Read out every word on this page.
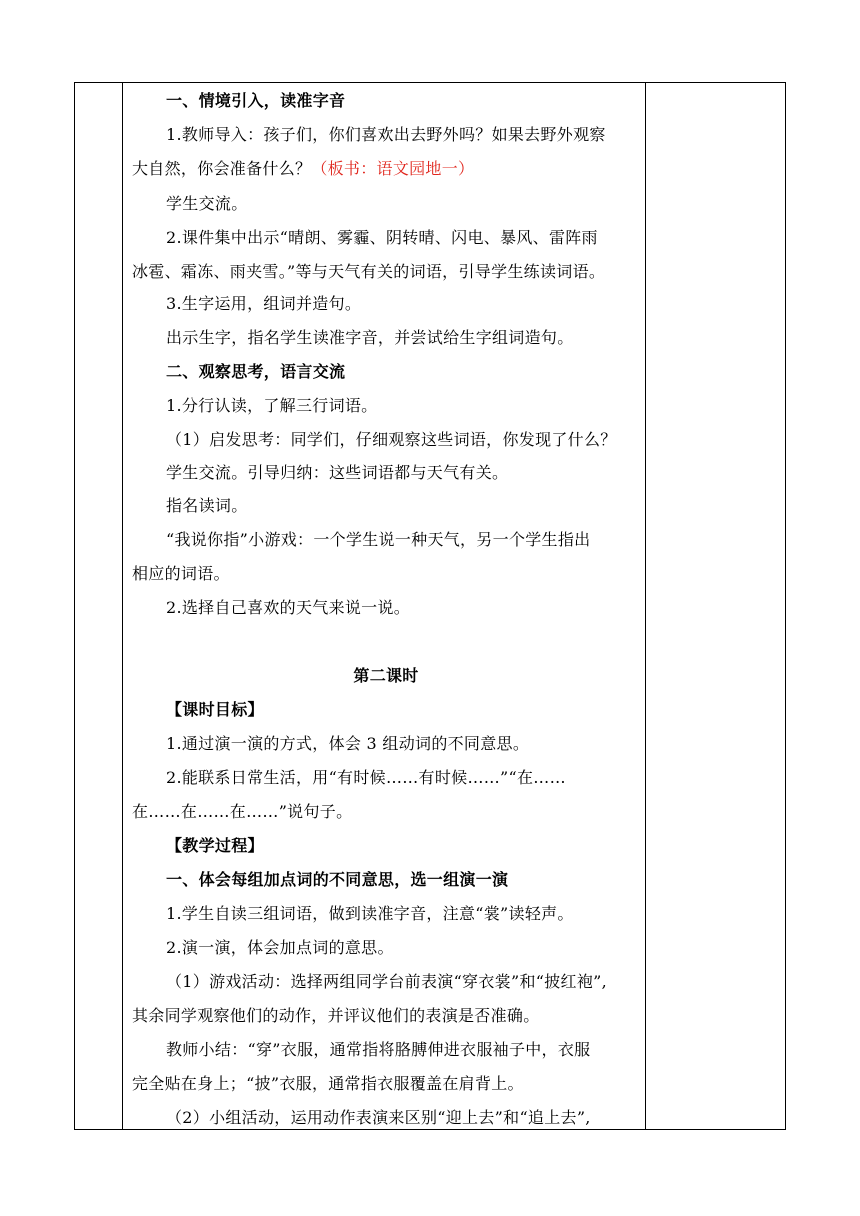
一、情境引入，读准字音
1.教师导入：孩子们，你们喜欢出去野外吗？如果去野外观察
大自然，你会准备什么？（板书：语文园地一）
学生交流。
2.课件集中出示“晴朗、雾霾、阴转晴、闪电、暴风、雷阵雨
冰雹、霜冻、雨夹雪。”等与天气有关的词语，引导学生练读词语。
3.生字运用，组词并造句。
出示生字，指名学生读准字音，并尝试给生字组词造句。
二、观察思考，语言交流
1.分行认读，了解三行词语。
（1）启发思考：同学们，仔细观察这些词语，你发现了什么？
学生交流。引导归纳：这些词语都与天气有关。
指名读词。
“我说你指”小游戏：一个学生说一种天气，另一个学生指出
相应的词语。
2.选择自己喜欢的天气来说一说。
第二课时
【课时目标】
1.通过演一演的方式，体会 3 组动词的不同意思。
2.能联系日常生活，用“有时候……有时候……”“在……
在……在……在……”说句子。
【教学过程】
一、体会每组加点词的不同意思，选一组演一演
1.学生自读三组词语，做到读准字音，注意“裳”读轻声。
2.演一演，体会加点词的意思。
（1）游戏活动：选择两组同学台前表演“穿衣裳”和“披红袍”,
其余同学观察他们的动作，并评议他们的表演是否准确。
教师小结：“穿”衣服，通常指将胳膊伸进衣服袖子中，衣服
完全贴在身上；“披”衣服，通常指衣服覆盖在肩背上。
（2）小组活动，运用动作表演来区别“迎上去”和“追上去”,
